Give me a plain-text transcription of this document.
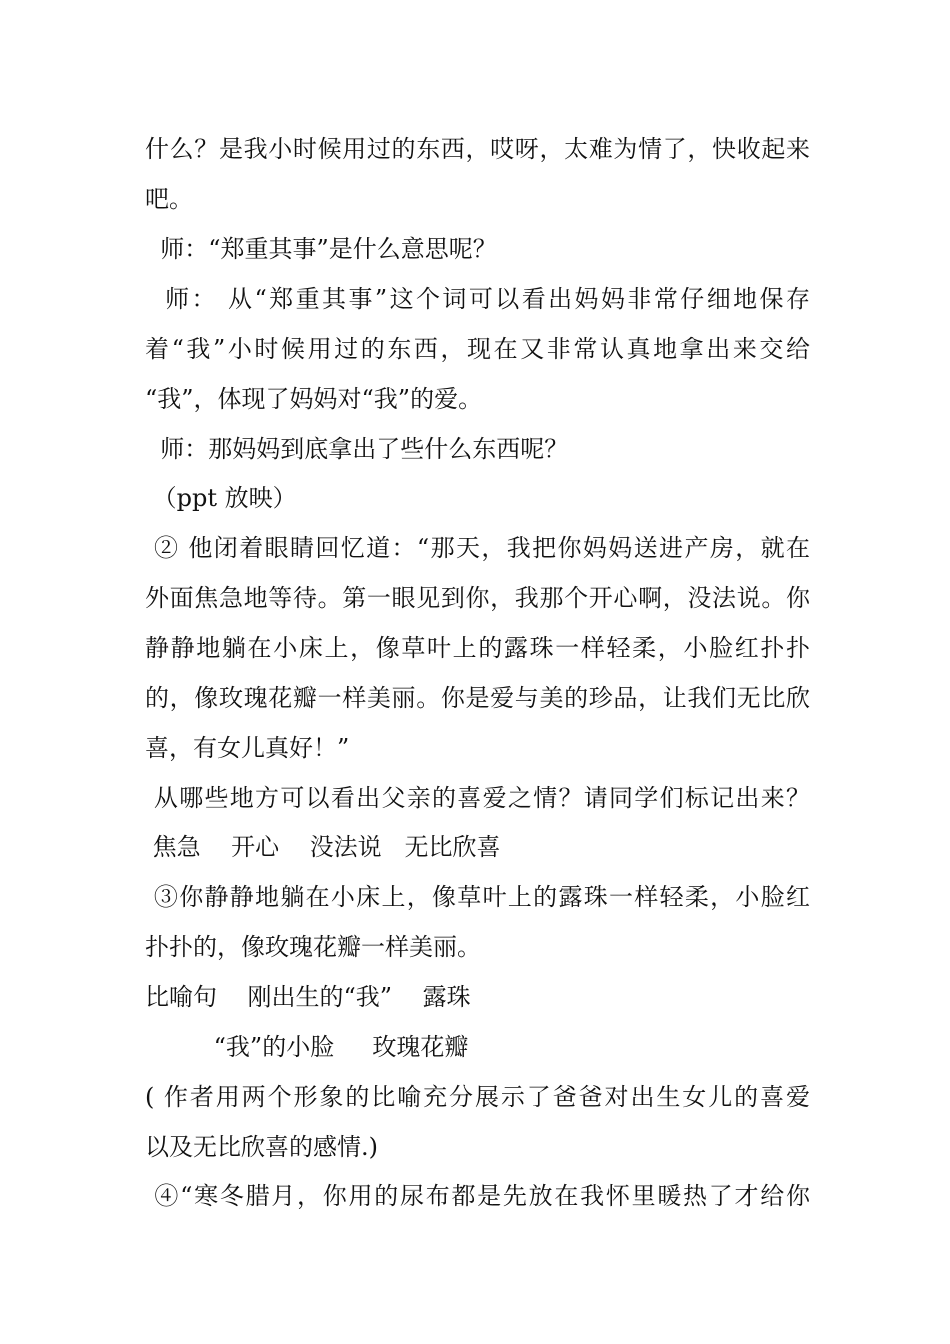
什么？是我小时候用过的东西，哎呀，太难为情了，快收起来
吧。
师：“郑重其事”是什么意思呢？
师： 从“郑重其事”这个词可以看出妈妈非常仔细地保存
着“我”小时候用过的东西，现在又非常认真地拿出来交给
“我”，体现了妈妈对“我”的爱。
师：那妈妈到底拿出了些什么东西呢？
（ppt 放映）
② 他闭着眼睛回忆道：“那天，我把你妈妈送进产房，就在
外面焦急地等待。第一眼见到你，我那个开心啊，没法说。你
静静地躺在小床上，像草叶上的露珠一样轻柔，小脸红扑扑
的，像玫瑰花瓣一样美丽。你是爱与美的珍品，让我们无比欣
喜，有女儿真好！”
从哪些地方可以看出父亲的喜爱之情？请同学们标记出来？
焦急    开心    没法说   无比欣喜
③你静静地躺在小床上，像草叶上的露珠一样轻柔，小脸红
扑扑的，像玫瑰花瓣一样美丽。
比喻句    刚出生的“我”    露珠
“我”的小脸     玫瑰花瓣
( 作者用两个形象的比喻充分展示了爸爸对出生女儿的喜爱
以及无比欣喜的感情.)
④“寒冬腊月，你用的尿布都是先放在我怀里暖热了才给你
